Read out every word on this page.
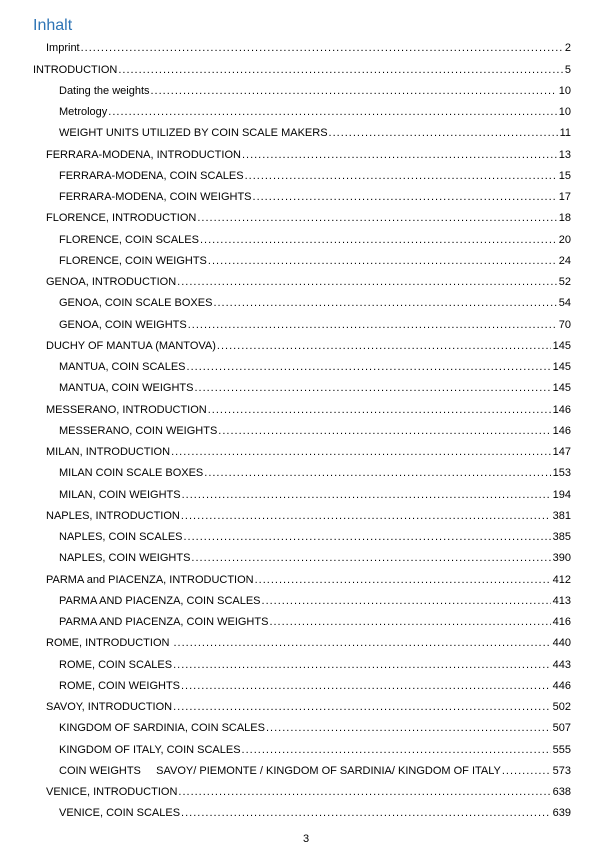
Inhalt
Imprint .....	2
INTRODUCTION .....	5
Dating the weights .....	10
Metrology .....	10
WEIGHT UNITS UTILIZED BY COIN SCALE MAKERS .....	11
FERRARA-MODENA, INTRODUCTION .....	13
FERRARA-MODENA, COIN SCALES .....	15
FERRARA-MODENA, COIN WEIGHTS .....	17
FLORENCE, INTRODUCTION .....	18
FLORENCE, COIN SCALES .....	20
FLORENCE, COIN WEIGHTS .....	24
GENOA, INTRODUCTION .....	52
GENOA, COIN SCALE BOXES .....	54
GENOA, COIN WEIGHTS .....	70
DUCHY OF MANTUA (MANTOVA) .....	145
MANTUA, COIN SCALES .....	145
MANTUA, COIN WEIGHTS .....	145
MESSERANO, INTRODUCTION .....	146
MESSERANO, COIN WEIGHTS .....	146
MILAN, INTRODUCTION .....	147
MILAN COIN SCALE BOXES .....	153
MILAN, COIN WEIGHTS .....	194
NAPLES, INTRODUCTION .....	381
NAPLES, COIN SCALES .....	385
NAPLES, COIN WEIGHTS .....	390
PARMA and PIACENZA, INTRODUCTION .....	412
PARMA AND PIACENZA, COIN SCALES .....	413
PARMA AND PIACENZA, COIN WEIGHTS .....	416
ROME, INTRODUCTION .....	440
ROME, COIN SCALES .....	443
ROME, COIN WEIGHTS .....	446
SAVOY, INTRODUCTION .....	502
KINGDOM OF SARDINIA, COIN SCALES .....	507
KINGDOM OF ITALY, COIN SCALES .....	555
COIN WEIGHTS     SAVOY/ PIEMONTE / KINGDOM OF SARDINIA/ KINGDOM OF ITALY .....	573
VENICE, INTRODUCTION .....	638
VENICE, COIN SCALES .....	639
3
